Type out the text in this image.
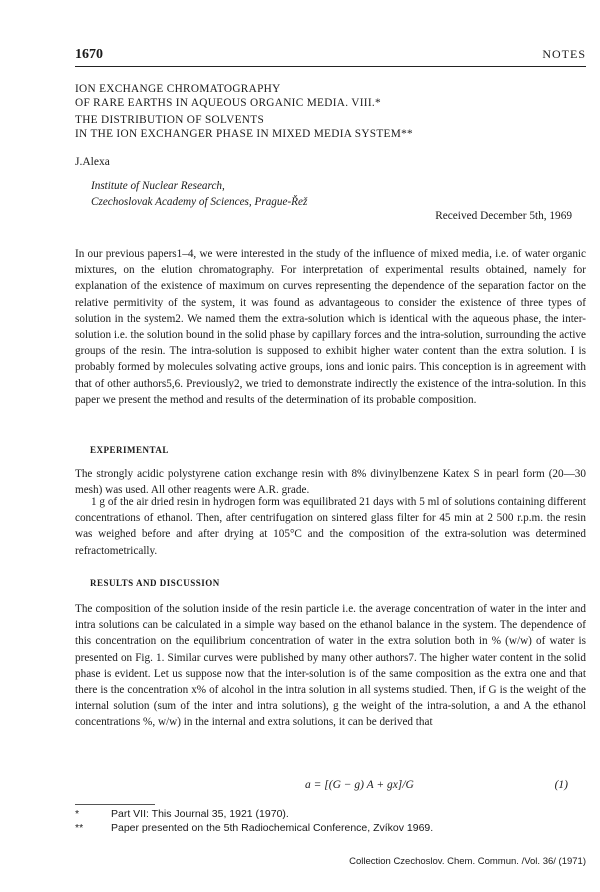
1670	NOTES
ION EXCHANGE CHROMATOGRAPHY
OF RARE EARTHS IN AQUEOUS ORGANIC MEDIA. VIII.*
THE DISTRIBUTION OF SOLVENTS
IN THE ION EXCHANGER PHASE IN MIXED MEDIA SYSTEM**
J.Alexa
Institute of Nuclear Research,
Czechoslovak Academy of Sciences, Prague-Řež
Received December 5th, 1969
In our previous papers1–4, we were interested in the study of the influence of mixed media, i.e. of water organic mixtures, on the elution chromatography. For interpretation of experimental results obtained, namely for explanation of the existence of maximum on curves representing the dependence of the separation factor on the relative permitivity of the system, it was found as advantageous to consider the existence of three types of solution in the system2. We named them the extra-solution which is identical with the aqueous phase, the inter-solution i.e. the solution bound in the solid phase by capillary forces and the intra-solution, surrounding the active groups of the resin. The intra-solution is supposed to exhibit higher water content than the extra solution. I is probably formed by molecules solvating active groups, ions and ionic pairs. This conception is in agreement with that of other authors5,6. Previously2, we tried to demonstrate indirectly the existence of the intra-solution. In this paper we present the method and results of the determination of its probable composition.
EXPERIMENTAL
The strongly acidic polystyrene cation exchange resin with 8% divinylbenzene Katex S in pearl form (20—30 mesh) was used. All other reagents were A.R. grade.
1 g of the air dried resin in hydrogen form was equilibrated 21 days with 5 ml of solutions containing different concentrations of ethanol. Then, after centrifugation on sintered glass filter for 45 min at 2 500 r.p.m. the resin was weighed before and after drying at 105°C and the composition of the extra-solution was determined refractometrically.
RESULTS AND DISCUSSION
The composition of the solution inside of the resin particle i.e. the average concentration of water in the inter and intra solutions can be calculated in a simple way based on the ethanol balance in the system. The dependence of this concentration on the equilibrium concentration of water in the extra solution both in % (w/w) of water is presented on Fig. 1. Similar curves were published by many other authors7. The higher water content in the solid phase is evident. Let us suppose now that the inter-solution is of the same composition as the extra one and that there is the concentration x% of alcohol in the intra solution in all systems studied. Then, if G is the weight of the internal solution (sum of the inter and intra solutions), g the weight of the intra-solution, a and A the ethanol concentrations %, w/w) in the internal and extra solutions, it can be derived that
a = [(G − g) A + gx]/G	(1)
*	Part VII: This Journal 35, 1921 (1970).
**	Paper presented on the 5th Radiochemical Conference, Zvíkov 1969.
Collection Czechoslov. Chem. Commun. /Vol. 36/ (1971)
